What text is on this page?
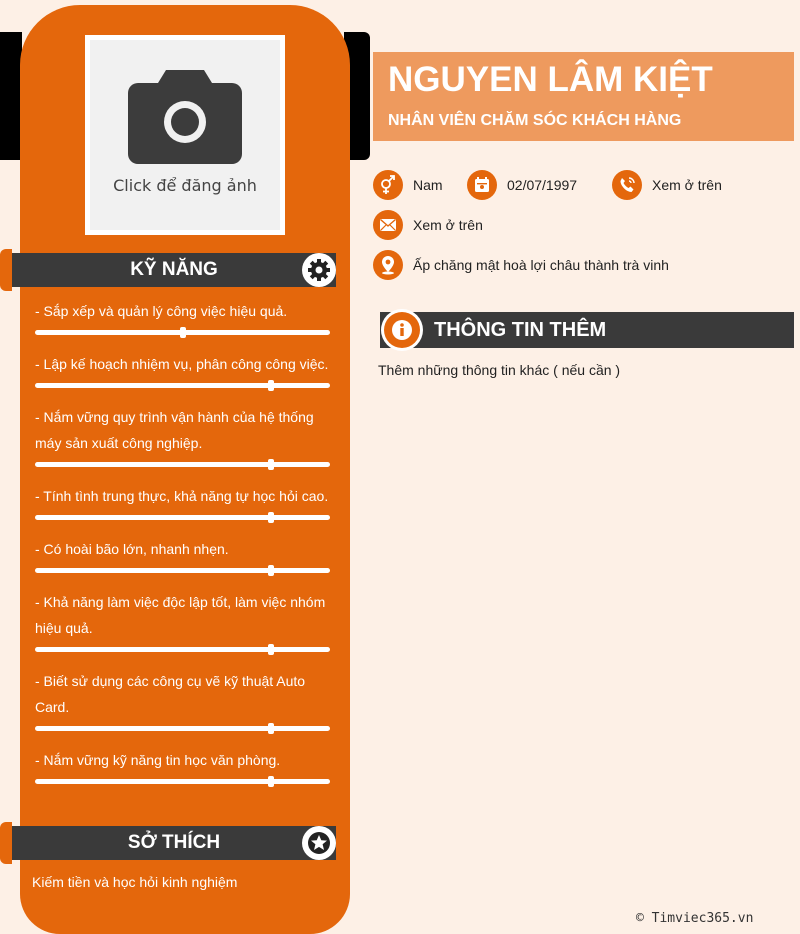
Click để đăng ảnh
KỸ NĂNG
- Sắp xếp và quản lý công việc hiệu quả.
- Lập kế hoạch nhiệm vụ, phân công công việc.
- Nắm vững quy trình vận hành của hệ thống máy sản xuất công nghiệp.
- Tính tình trung thực, khả năng tự học hỏi cao.
- Có hoài bão lớn, nhanh nhẹn.
- Khả năng làm việc độc lập tốt, làm việc nhóm hiệu quả.
- Biết sử dụng các công cụ vẽ kỹ thuật Auto Card.
- Nắm vững kỹ năng tin học văn phòng.
SỞ THÍCH
Kiếm tiền và học hỏi kinh nghiệm
NGUYEN LÂM KIỆT
NHÂN VIÊN CHĂM SÓC KHÁCH HÀNG
Nam	02/07/1997	Xem ở trên
Xem ở trên
Ấp chăng mật hoà lợi châu thành trà vinh
THÔNG TIN THÊM
Thêm những thông tin khác ( nếu cần )
© Timviec365.vn
